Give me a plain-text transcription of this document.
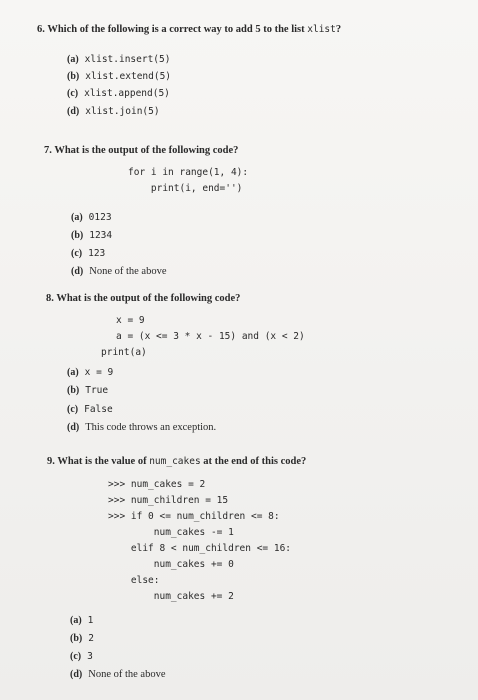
6. Which of the following is a correct way to add 5 to the list xlist?
(a) xlist.insert(5)
(b) xlist.extend(5)
(c) xlist.append(5)
(d) xlist.join(5)
7. What is the output of the following code?
for i in range(1, 4):
print(i, end='')
(a) 0123
(b) 1234
(c) 123
(d) None of the above
8. What is the output of the following code?
x = 9
a = (x <= 3 * x - 15) and (x < 2)
print(a)
(a) x = 9
(b) True
(c) False
(d) This code throws an exception.
9. What is the value of num_cakes at the end of this code?
>>> num_cakes = 2
>>> num_children = 15
>>> if 0 <= num_children <= 8:
num_cakes -= 1
elif 8 < num_children <= 16:
num_cakes += 0
else:
num_cakes += 2
(a) 1
(b) 2
(c) 3
(d) None of the above
